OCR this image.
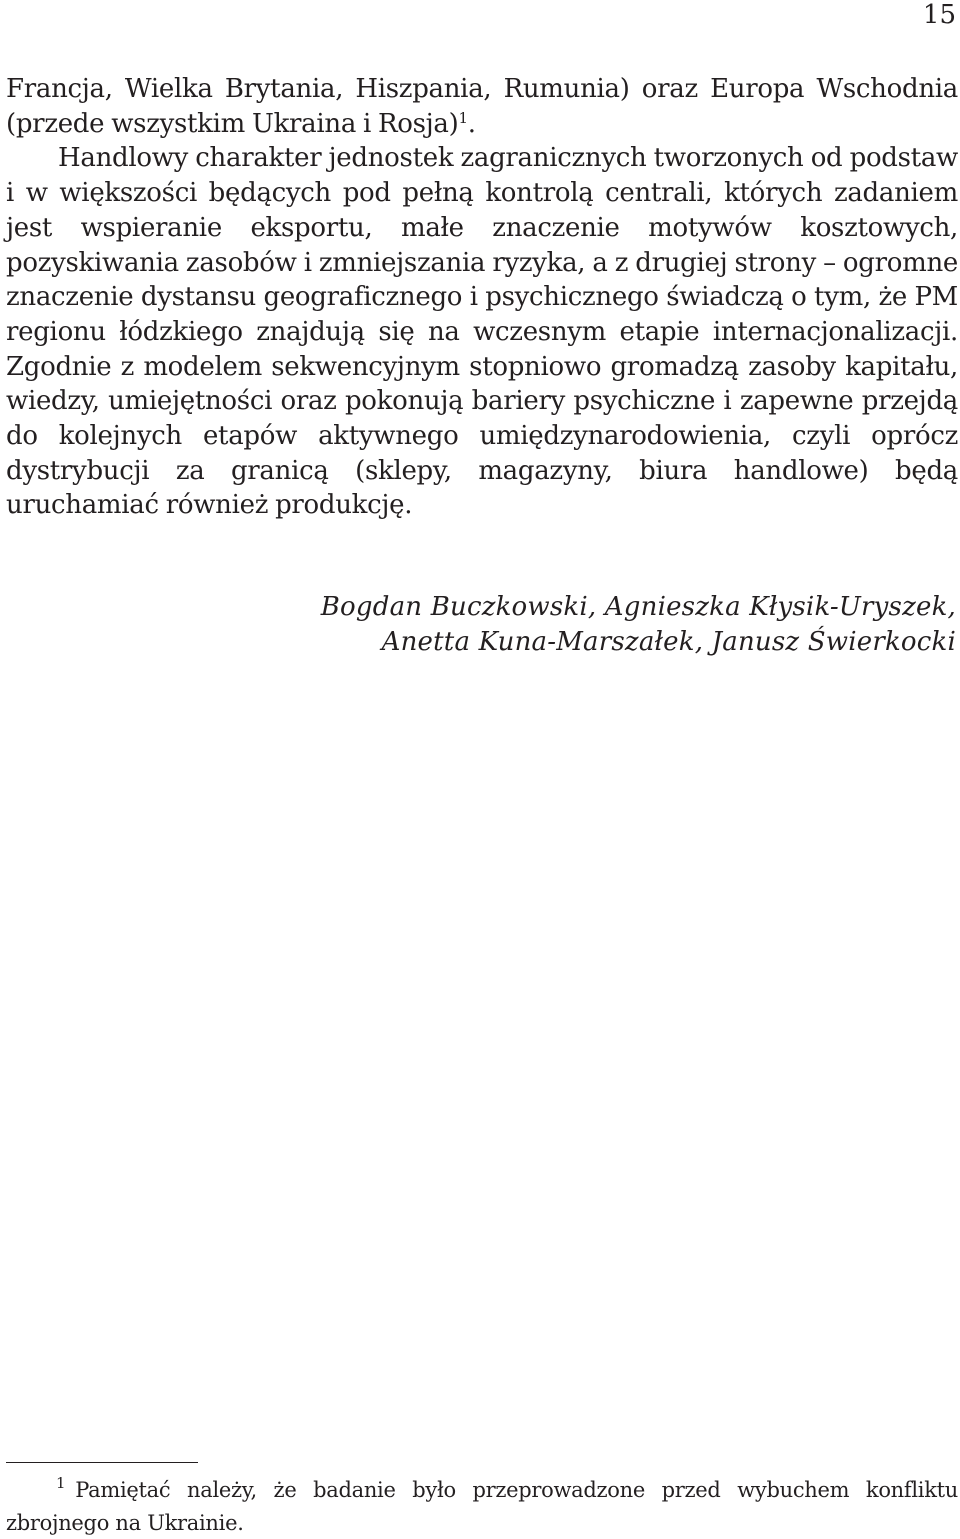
15

Francja, Wielka Brytania, Hiszpania, Rumunia) oraz Europa Wschodnia (przede wszystkim Ukraina i Rosja)$^1$.

Handlowy charakter jednostek zagranicznych tworzonych od podstaw i w większości będących pod pełną kontrolą centrali, których zadaniem jest wspieranie eksportu, małe znaczenie motywów kosztowych, pozyskiwania zasobów i zmniejszania ryzyka, a z drugiej strony – ogromne znaczenie dystansu geograficznego i psychicznego świadczą o tym, że PM regionu łódzkiego znajdują się na wczesnym etapie internacjonalizacji. Zgodnie z modelem sekwencyjnym stopniowo gromadzą zasoby kapitału, wiedzy, umiejętności oraz pokonują bariery psychiczne i zapewne przejdą do kolejnych etapów aktywnego umiędzynarodowienia, czyli oprócz dystrybucji za granicą (sklepy, magazyny, biura handlowe) będą uruchamiać również produkcję.

Bogdan Buczkowski, Agnieszka Kłysik-Uryszek,
Anetta Kuna-Marszałek, Janusz Świerkocki
$^1$ Pamiętać należy, że badanie było przeprowadzone przed wybuchem konfliktu zbrojnego na Ukrainie.
